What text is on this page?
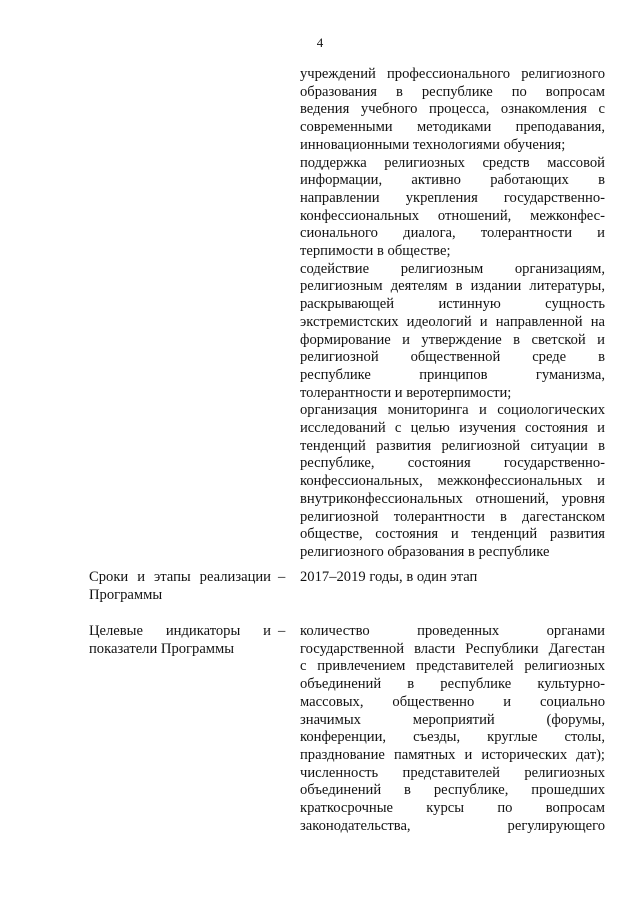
4
учреждений профессионального религиозного
образования в республике по вопросам
ведения учебного процесса, ознакомления с
современными методиками преподавания,
инновационными технологиями обучения;
поддержка религиозных средств массовой
информации, активно работающих в
направлении укрепления государственно-
конфессиональных отношений, межконфес-
сионального диалога, толерантности и
терпимости в обществе;
содействие религиозным организациям,
религиозным деятелям в издании литературы,
раскрывающей истинную сущность
экстремистских идеологий и направленной на
формирование и утверждение в светской и
религиозной общественной среде в
республике принципов гуманизма,
толерантности и веротерпимости;
организация мониторинга и социологических
исследований с целью изучения состояния и
тенденций развития религиозной ситуации в
республике, состояния государственно-
конфессиональных, межконфессиональных и
внутриконфессиональных отношений, уровня
религиозной толерантности в дагестанском
обществе, состояния и тенденций развития
религиозного образования в республике
Сроки и этапы реализации
Программы
– 2017–2019 годы, в один этап
Целевые индикаторы и
показатели Программы
– количество проведенных органами
государственной власти Республики Дагестан
с привлечением представителей религиозных
объединений в республике культурно-
массовых, общественно и социально
значимых мероприятий (форумы,
конференции, съезды, круглые столы,
празднование памятных и исторических дат);
численность представителей религиозных
объединений в республике, прошедших
краткосрочные курсы по вопросам
законодательства, регулирующего
